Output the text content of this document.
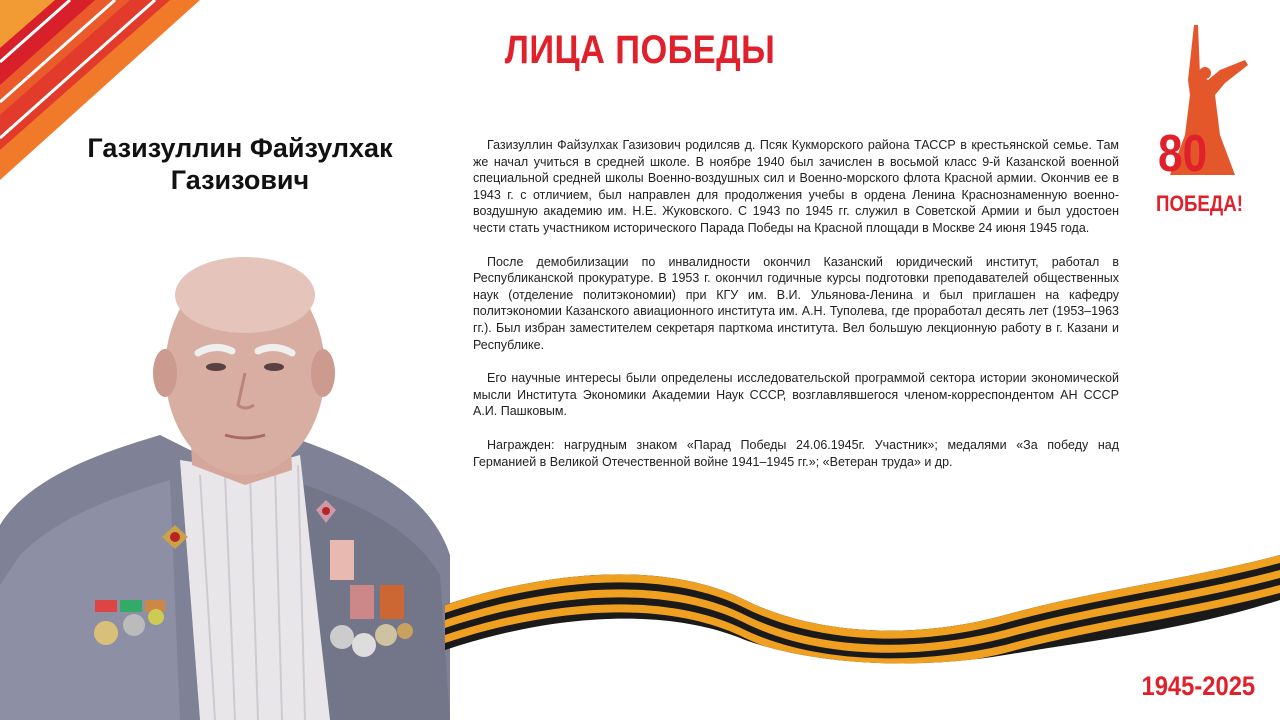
ЛИЦА ПОБЕДЫ
Газизуллин Файзулхак
Газизович

Газизуллин Файзулхак Газизович родилсяв д. Псяк Кукморского района ТАССР в крестьянской семье. Там же начал учиться в средней школе. В ноябре 1940 был зачислен в восьмой класс 9-й Казанской военной специальной средней школы Военно-воздушных сил и Военно-морского флота Красной армии. Окончив ее в 1943 г. с отличием, был направлен для продолжения учебы в ордена Ленина Краснознаменную военно-воздушную академию им. Н.Е. Жуковского. С 1943 по 1945 гг. служил в Советской Армии и был удостоен чести стать участником исторического Парада Победы на Красной площади в Москве 24 июня 1945 года.

После демобилизации по инвалидности окончил Казанский юридический институт, работал в Республиканской прокуратуре. В 1953 г. окончил годичные курсы подготовки преподавателей общественных наук (отделение политэкономии) при КГУ им. В.И. Ульянова-Ленина и был приглашен на кафедру политэкономии Казанского авиационного института им. А.Н. Туполева, где проработал десять лет (1953–1963 гг.). Был избран заместителем секретаря парткома института. Вел большую лекционную работу в г. Казани и Республике.

Его научные интересы были определены исследовательской программой сектора истории экономической мысли Института Экономики Академии Наук СССР, возглавлявшегося членом-корреспондентом АН СССР А.И. Пашковым.

Награжден: нагрудным знаком «Парад Победы 24.06.1945г. Участник»; медалями «За победу над Германией в Великой Отечественной войне 1941–1945 гг.»; «Ветеран труда» и др.

80
ПОБЕДА!
1945-2025
